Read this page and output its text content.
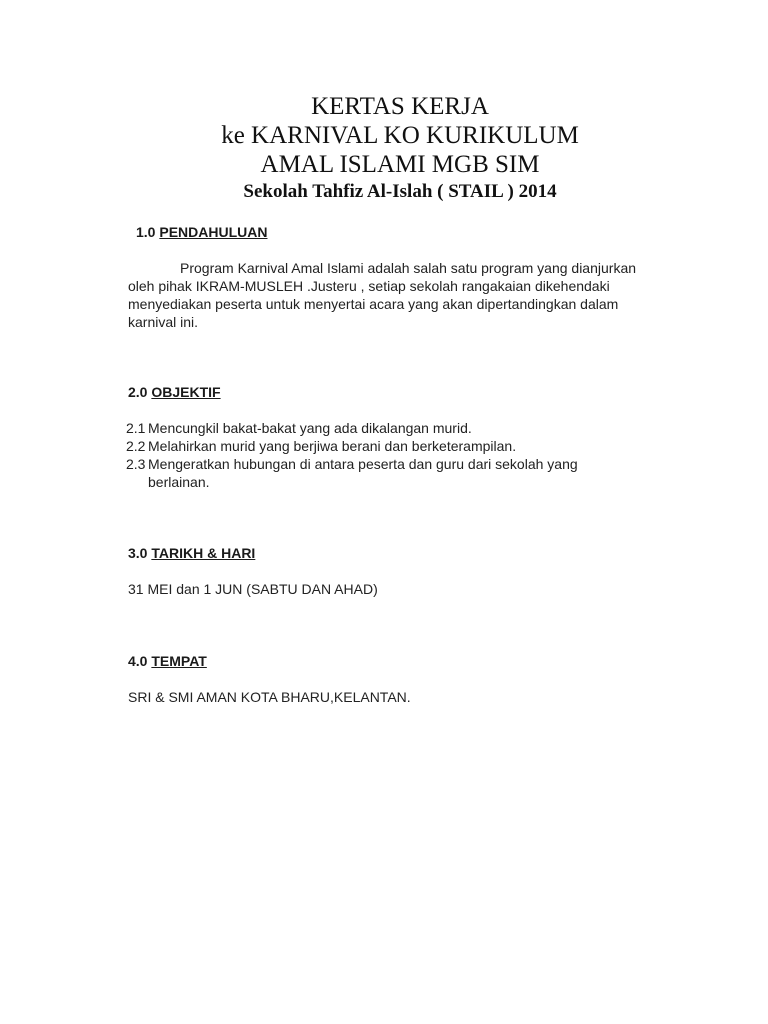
KERTAS KERJA
ke KARNIVAL KO KURIKULUM
AMAL ISLAMI MGB SIM
Sekolah Tahfiz Al-Islah ( STAIL ) 2014
1.0 PENDAHULUAN
Program Karnival Amal Islami adalah salah satu program yang dianjurkan
oleh pihak IKRAM-MUSLEH .Justeru , setiap sekolah rangakaian dikehendaki
menyediakan peserta untuk menyertai acara yang akan dipertandingkan dalam
karnival ini.
2.0 OBJEKTIF
2.1 Mencungkil bakat-bakat yang ada dikalangan murid.
2.2 Melahirkan murid yang berjiwa berani dan berketerampilan.
2.3 Mengeratkan hubungan di antara peserta dan guru dari sekolah yang
berlainan.
3.0 TARIKH & HARI
31 MEI dan 1 JUN (SABTU DAN AHAD)
4.0 TEMPAT
SRI & SMI AMAN KOTA BHARU,KELANTAN.
